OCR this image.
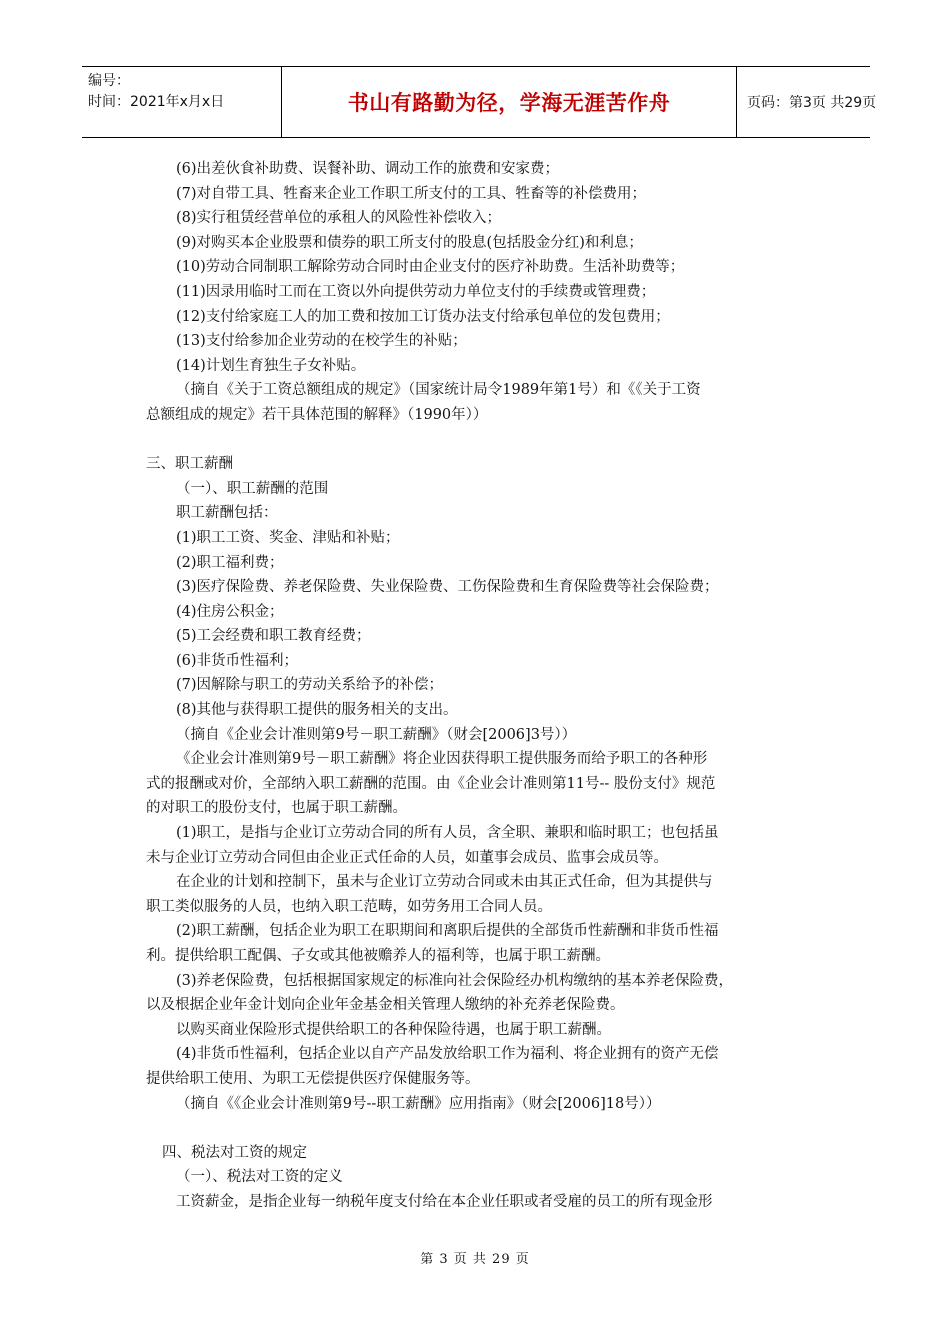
编号：
时间：2021年x月x日	书山有路勤为径，学海无涯苦作舟	页码：第3页 共29页
(6)出差伙食补助费、误餐补助、调动工作的旅费和安家费；
(7)对自带工具、牲畜来企业工作职工所支付的工具、牲畜等的补偿费用；
(8)实行租赁经营单位的承租人的风险性补偿收入；
(9)对购买本企业股票和债券的职工所支付的股息(包括股金分红)和利息；
(10)劳动合同制职工解除劳动合同时由企业支付的医疗补助费。生活补助费等；
(11)因录用临时工而在工资以外向提供劳动力单位支付的手续费或管理费；
(12)支付给家庭工人的加工费和按加工订货办法支付给承包单位的发包费用；
(13)支付给参加企业劳动的在校学生的补贴；
(14)计划生育独生子女补贴。
（摘自《关于工资总额组成的规定》（国家统计局令1989年第1号）和《《关于工资
总额组成的规定》若干具体范围的解释》（1990年））
三、职工薪酬
（一）、职工薪酬的范围
职工薪酬包括：
(1)职工工资、奖金、津贴和补贴；
(2)职工福利费；
(3)医疗保险费、养老保险费、失业保险费、工伤保险费和生育保险费等社会保险费；
(4)住房公积金；
(5)工会经费和职工教育经费；
(6)非货币性福利；
(7)因解除与职工的劳动关系给予的补偿；
(8)其他与获得职工提供的服务相关的支出。
（摘自《企业会计准则第9号－职工薪酬》（财会[2006]3号））
《企业会计准则第9号－职工薪酬》将企业因获得职工提供服务而给予职工的各种形
式的报酬或对价，全部纳入职工薪酬的范围。由《企业会计准则第11号-- 股份支付》规范
的对职工的股份支付，也属于职工薪酬。
(1)职工，是指与企业订立劳动合同的所有人员，含全职、兼职和临时职工；也包括虽
未与企业订立劳动合同但由企业正式任命的人员，如董事会成员、监事会成员等。
在企业的计划和控制下，虽未与企业订立劳动合同或未由其正式任命，但为其提供与
职工类似服务的人员，也纳入职工范畴，如劳务用工合同人员。
(2)职工薪酬，包括企业为职工在职期间和离职后提供的全部货币性薪酬和非货币性福
利。提供给职工配偶、子女或其他被赡养人的福利等，也属于职工薪酬。
(3)养老保险费，包括根据国家规定的标准向社会保险经办机构缴纳的基本养老保险费，
以及根据企业年金计划向企业年金基金相关管理人缴纳的补充养老保险费。
以购买商业保险形式提供给职工的各种保险待遇，也属于职工薪酬。
(4)非货币性福利，包括企业以自产产品发放给职工作为福利、将企业拥有的资产无偿
提供给职工使用、为职工无偿提供医疗保健服务等。
（摘自《《企业会计准则第9号--职工薪酬》应用指南》（财会[2006]18号））
四、税法对工资的规定
（一）、税法对工资的定义
工资薪金，是指企业每一纳税年度支付给在本企业任职或者受雇的员工的所有现金形
第 3 页 共 29 页
